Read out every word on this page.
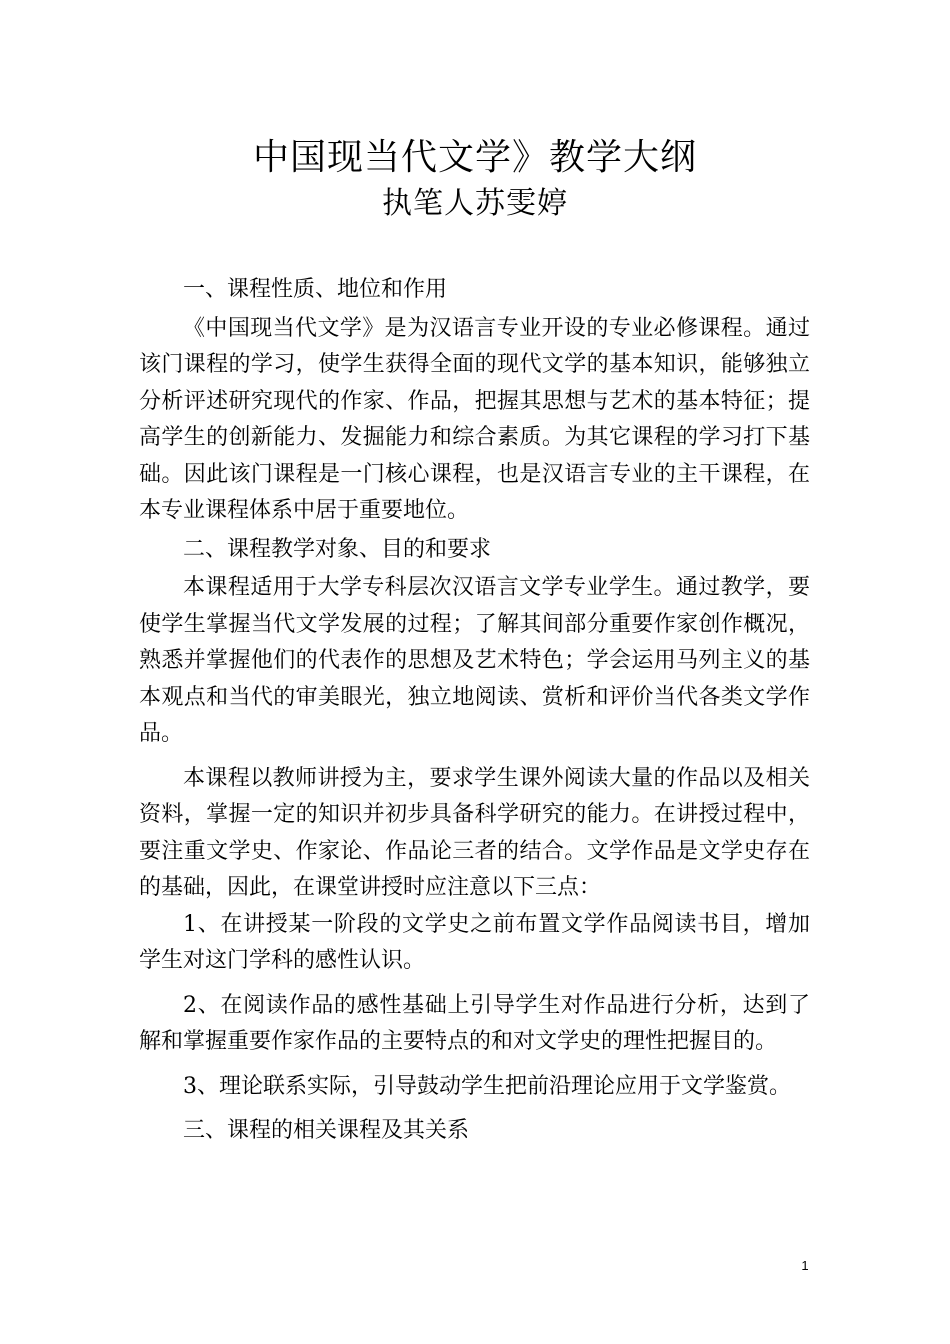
中国现当代文学》教学大纲
执笔人苏雯婷

一、课程性质、地位和作用

《中国现当代文学》是为汉语言专业开设的专业必修课程。通过该门课程的学习，使学生获得全面的现代文学的基本知识，能够独立分析评述研究现代的作家、作品，把握其思想与艺术的基本特征；提高学生的创新能力、发掘能力和综合素质。为其它课程的学习打下基础。因此该门课程是一门核心课程，也是汉语言专业的主干课程，在本专业课程体系中居于重要地位。

二、课程教学对象、目的和要求

本课程适用于大学专科层次汉语言文学专业学生。通过教学，要使学生掌握当代文学发展的过程；了解其间部分重要作家创作概况，熟悉并掌握他们的代表作的思想及艺术特色；学会运用马列主义的基本观点和当代的审美眼光，独立地阅读、赏析和评价当代各类文学作品。

本课程以教师讲授为主，要求学生课外阅读大量的作品以及相关资料，掌握一定的知识并初步具备科学研究的能力。在讲授过程中，要注重文学史、作家论、作品论三者的结合。文学作品是文学史存在的基础，因此，在课堂讲授时应注意以下三点：

1、在讲授某一阶段的文学史之前布置文学作品阅读书目，增加学生对这门学科的感性认识。

2、在阅读作品的感性基础上引导学生对作品进行分析，达到了解和掌握重要作家作品的主要特点的和对文学史的理性把握目的。

3、理论联系实际，引导鼓动学生把前沿理论应用于文学鉴赏。

三、课程的相关课程及其关系

1
